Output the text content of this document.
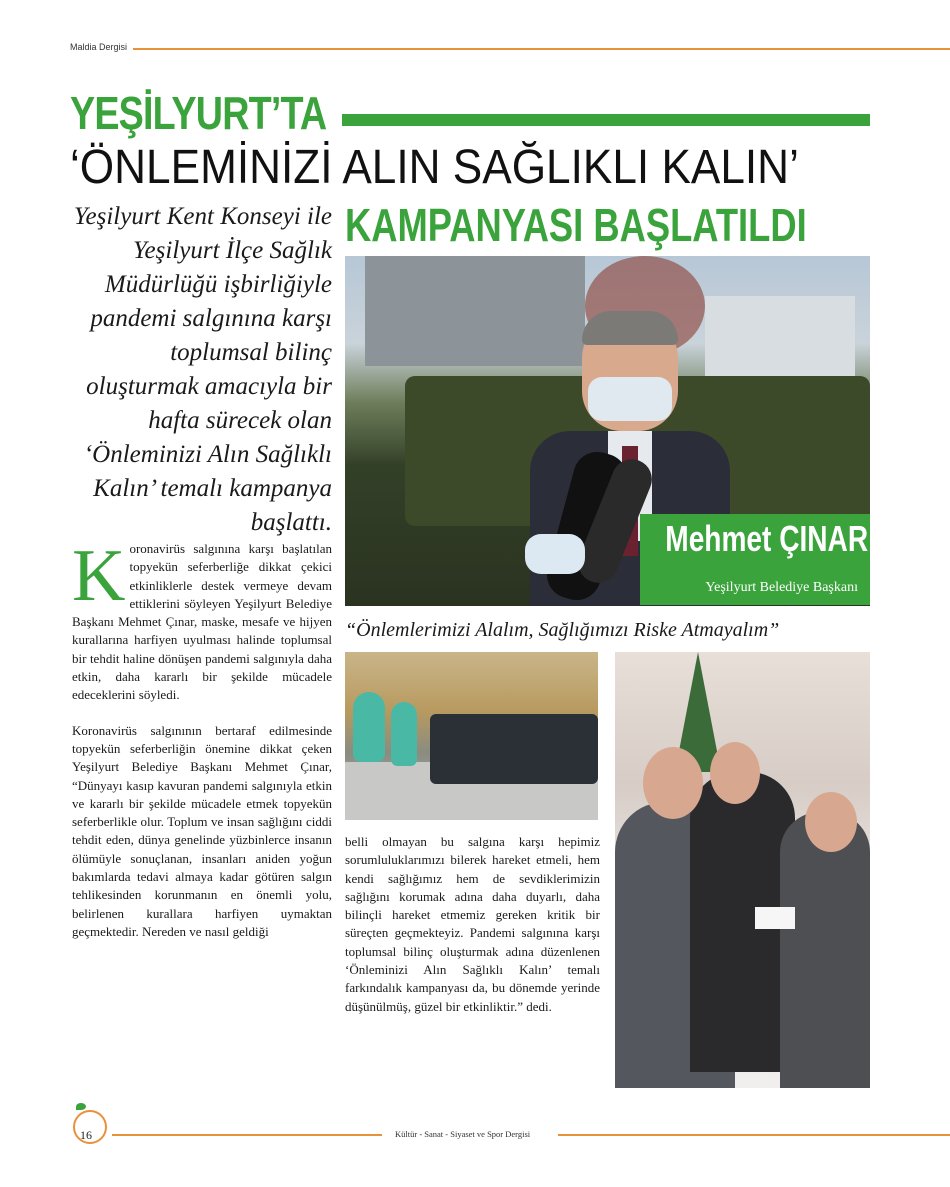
Maldia Dergisi
YEŞİLYURT’TA
‘ÖNLEMİNİZİ ALIN SAĞLIKLI KALIN’
KAMPANYASI BAŞLATILDI
Yeşilyurt Kent Konseyi ile Yeşilyurt İlçe Sağlık Müdürlüğü işbirliğiyle pandemi salgınına karşı toplumsal bilinç oluşturmak amacıyla bir hafta sürecek olan ‘Önleminizi Alın Sağlıklı Kalın’ temalı kampanya başlattı.	Mehmet ÇINAR
Yeşilyurt Belediye Başkanı
“Önlemlerimizi Alalım, Sağlığımızı Riske Atmayalım”

Koronavirüs salgınına karşı başlatılan topyekün seferberliğe dikkat çekici etkinliklerle destek vermeye devam ettiklerini söyleyen Yeşilyurt Belediye Başkanı Mehmet Çınar, maske, mesafe ve hijyen kurallarına harfiyen uyulması halinde toplumsal bir tehdit haline dönüşen pandemi salgınıyla daha etkin, daha kararlı bir şekilde mücadele edeceklerini söyledi.

Koronavirüs salgınının bertaraf edilmesinde topyekün seferberliğin önemine dikkat çeken Yeşilyurt Belediye Başkanı Mehmet Çınar, “Dünyayı kasıp kavuran pandemi salgınıyla etkin ve kararlı bir şekilde mücadele etmek topyekün seferberlikle olur. Toplum ve insan sağlığını ciddi tehdit eden, dünya genelinde yüzbinlerce insanın ölümüyle sonuçlanan, insanları aniden yoğun bakımlarda tedavi almaya kadar götüren salgın tehlikesinden korunmanın en önemli yolu, belirlenen kurallara harfiyen uymaktan geçmektedir. Nereden ve nasıl geldiği

belli olmayan bu salgına karşı hepimiz sorumluluklarımızı bilerek hareket etmeli, hem kendi sağlığımız hem de sevdiklerimizin sağlığını korumak adına daha duyarlı, daha bilinçli hareket etmemiz gereken kritik bir süreçten geçmekteyiz. Pandemi salgınına karşı toplumsal bilinç oluşturmak adına düzenlenen ‘Önleminizi Alın Sağlıklı Kalın’ temalı farkındalık kampanyası da, bu dönemde yerinde düşünülmüş, güzel bir etkinliktir.” dedi.

16	Kültür - Sanat - Siyaset ve Spor Dergisi
